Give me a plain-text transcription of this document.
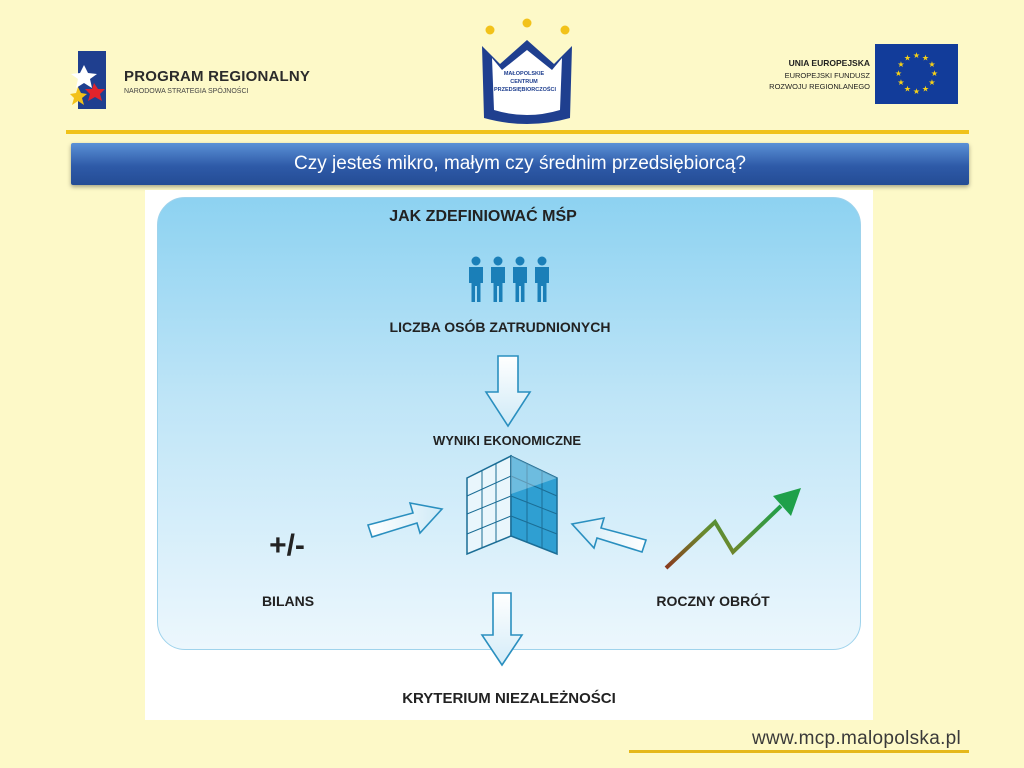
PROGRAM REGIONALNY
NARODOWA STRATEGIA SPÓJNOŚCI
MAŁOPOLSKIE
CENTRUM
PRZEDSIĘBIORCZOŚCI
UNIA EUROPEJSKA
EUROPEJSKI FUNDUSZ
ROZWOJU REGIONLANEGO
★ ★
★
★
★
★
★
★
★
★
★
★
Czy jesteś mikro, małym czy średnim przedsiębiorcą?
JAK ZDEFINIOWAĆ MŚP
LICZBA OSÓB ZATRUDNIONYCH
WYNIKI EKONOMICZNE
+/-
BILANS	ROCZNY OBRÓT
KRYTERIUM NIEZALEŻNOŚCI
www.mcp.malopolska.pl
